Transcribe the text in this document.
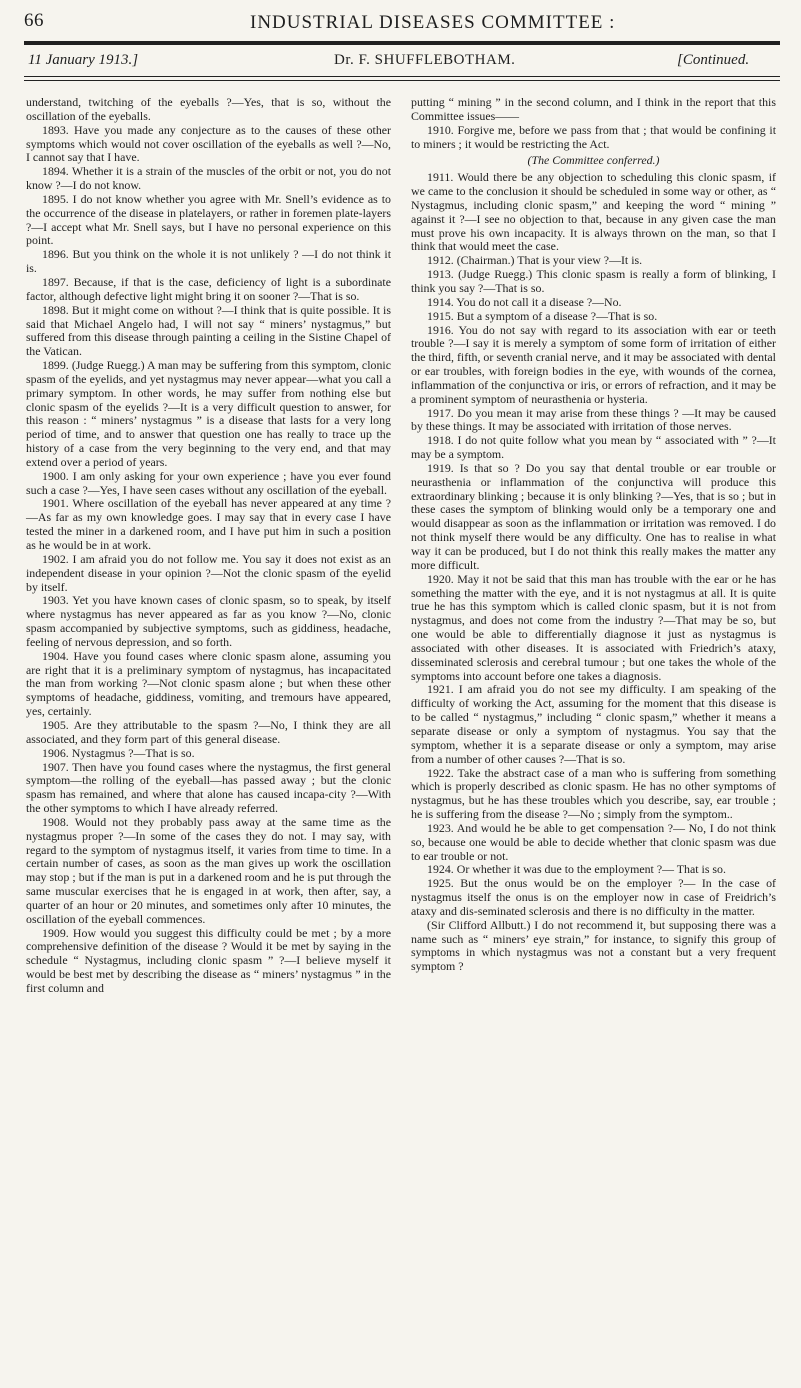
66	INDUSTRIAL DISEASES COMMITTEE :
11 January 1913.]	Dr. F. SHUFFLEBOTHAM.	[Continued.

understand, twitching of the eyeballs ?—Yes, that is so, without the oscillation of the eyeballs.

1893. Have you made any conjecture as to the causes of these other symptoms which would not cover oscillation of the eyeballs as well ?—No, I cannot say that I have.

1894. Whether it is a strain of the muscles of the orbit or not, you do not know ?—I do not know.

1895. I do not know whether you agree with Mr. Snell’s evidence as to the occurrence of the disease in platelayers, or rather in foremen plate-layers ?—I accept what Mr. Snell says, but I have no personal experience on this point.

1896. But you think on the whole it is not unlikely ? —I do not think it is.

1897. Because, if that is the case, deficiency of light is a subordinate factor, although defective light might bring it on sooner ?—That is so.

1898. But it might come on without ?—I think that is quite possible. It is said that Michael Angelo had, I will not say “ miners’ nystagmus,” but suffered from this disease through painting a ceiling in the Sistine Chapel of the Vatican.

1899. (Judge Ruegg.) A man may be suffering from this symptom, clonic spasm of the eyelids, and yet nystagmus may never appear—what you call a primary symptom. In other words, he may suffer from nothing else but clonic spasm of the eyelids ?—It is a very difficult question to answer, for this reason : “ miners’ nystagmus ” is a disease that lasts for a very long period of time, and to answer that question one has really to trace up the history of a case from the very beginning to the very end, and that may extend over a period of years.

1900. I am only asking for your own experience ; have you ever found such a case ?—Yes, I have seen cases without any oscillation of the eyeball.

1901. Where oscillation of the eyeball has never appeared at any time ?—As far as my own knowledge goes. I may say that in every case I have tested the miner in a darkened room, and I have put him in such a position as he would be in at work.

1902. I am afraid you do not follow me. You say it does not exist as an independent disease in your opinion ?—Not the clonic spasm of the eyelid by itself.

1903. Yet you have known cases of clonic spasm, so to speak, by itself where nystagmus has never appeared as far as you know ?—No, clonic spasm accompanied by subjective symptoms, such as giddiness, headache, feeling of nervous depression, and so forth.

1904. Have you found cases where clonic spasm alone, assuming you are right that it is a preliminary symptom of nystagmus, has incapacitated the man from working ?—Not clonic spasm alone ; but when these other symptoms of headache, giddiness, vomiting, and tremours have appeared, yes, certainly.

1905. Are they attributable to the spasm ?—No, I think they are all associated, and they form part of this general disease.

1906. Nystagmus ?—That is so.

1907. Then have you found cases where the nystagmus, the first general symptom—the rolling of the eyeball—has passed away ; but the clonic spasm has remained, and where that alone has caused incapa-city ?—With the other symptoms to which I have already referred.

1908. Would not they probably pass away at the same time as the nystagmus proper ?—In some of the cases they do not. I may say, with regard to the symptom of nystagmus itself, it varies from time to time. In a certain number of cases, as soon as the man gives up work the oscillation may stop ; but if the man is put in a darkened room and he is put through the same muscular exercises that he is engaged in at work, then after, say, a quarter of an hour or 20 minutes, and sometimes only after 10 minutes, the oscillation of the eyeball commences.

1909. How would you suggest this difficulty could be met ; by a more comprehensive definition of the disease ? Would it be met by saying in the schedule “ Nystagmus, including clonic spasm ” ?—I believe myself it would be best met by describing the disease as “ miners’ nystagmus ” in the first column and

putting “ mining ” in the second column, and I think in the report that this Committee issues——

1910. Forgive me, before we pass from that ; that would be confining it to miners ; it would be restricting the Act.

(The Committee conferred.)

1911. Would there be any objection to scheduling this clonic spasm, if we came to the conclusion it should be scheduled in some way or other, as “ Nystagmus, including clonic spasm,” and keeping the word “ mining ” against it ?—I see no objection to that, because in any given case the man must prove his own incapacity. It is always thrown on the man, so that I think that would meet the case.

1912. (Chairman.) That is your view ?—It is.

1913. (Judge Ruegg.) This clonic spasm is really a form of blinking, I think you say ?—That is so.

1914. You do not call it a disease ?—No.

1915. But a symptom of a disease ?—That is so.

1916. You do not say with regard to its association with ear or teeth trouble ?—I say it is merely a symptom of some form of irritation of either the third, fifth, or seventh cranial nerve, and it may be associated with dental or ear troubles, with foreign bodies in the eye, with wounds of the cornea, inflammation of the conjunctiva or iris, or errors of refraction, and it may be a prominent symptom of neurasthenia or hysteria.

1917. Do you mean it may arise from these things ? —It may be caused by these things. It may be associated with irritation of those nerves.

1918. I do not quite follow what you mean by “ associated with ” ?—It may be a symptom.

1919. Is that so ? Do you say that dental trouble or ear trouble or neurasthenia or inflammation of the conjunctiva will produce this extraordinary blinking ; because it is only blinking ?—Yes, that is so ; but in these cases the symptom of blinking would only be a temporary one and would disappear as soon as the inflammation or irritation was removed. I do not think myself there would be any difficulty. One has to realise in what way it can be produced, but I do not think this really makes the matter any more difficult.

1920. May it not be said that this man has trouble with the ear or he has something the matter with the eye, and it is not nystagmus at all. It is quite true he has this symptom which is called clonic spasm, but it is not from nystagmus, and does not come from the industry ?—That may be so, but one would be able to differentially diagnose it just as nystagmus is associated with other diseases. It is associated with Friedrich’s ataxy, disseminated sclerosis and cerebral tumour ; but one takes the whole of the symptoms into account before one takes a diagnosis.

1921. I am afraid you do not see my difficulty. I am speaking of the difficulty of working the Act, assuming for the moment that this disease is to be called “ nystagmus,” including “ clonic spasm,” whether it means a separate disease or only a symptom of nystagmus. You say that the symptom, whether it is a separate disease or only a symptom, may arise from a number of other causes ?—That is so.

1922. Take the abstract case of a man who is suffering from something which is properly described as clonic spasm. He has no other symptoms of nystagmus, but he has these troubles which you describe, say, ear trouble ; he is suffering from the disease ?—No ; simply from the symptom..

1923. And would he be able to get compensation ?— No, I do not think so, because one would be able to decide whether that clonic spasm was due to ear trouble or not.

1924. Or whether it was due to the employment ?— That is so.

1925. But the onus would be on the employer ?— In the case of nystagmus itself the onus is on the employer now in case of Freidrich’s ataxy and dis-seminated sclerosis and there is no difficulty in the matter.

(Sir Clifford Allbutt.) I do not recommend it, but supposing there was a name such as “ miners’ eye strain,” for instance, to signify this group of symptoms in which nystagmus was not a constant but a very frequent symptom ?
